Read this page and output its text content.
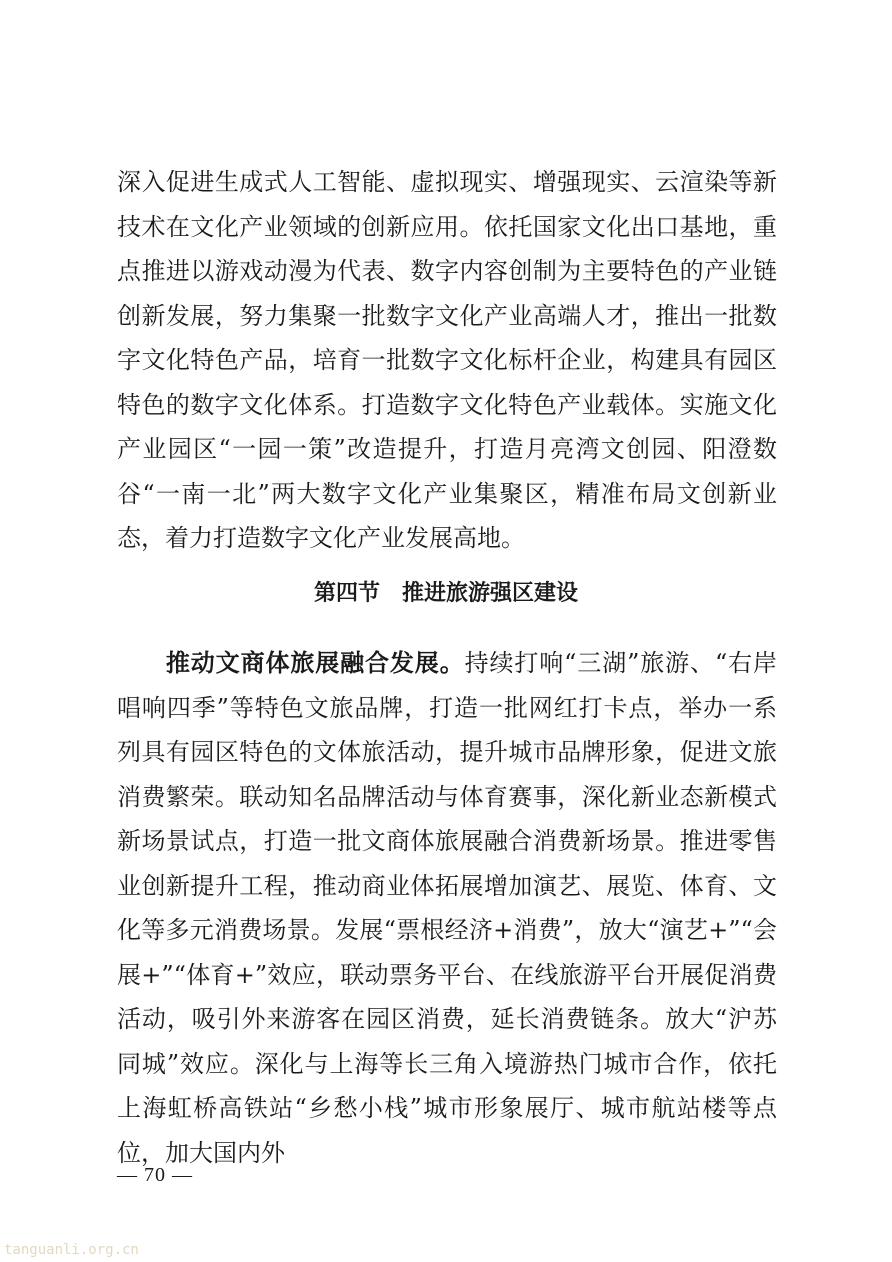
深入促进生成式人工智能、虚拟现实、增强现实、云渲染等新技术在文化产业领域的创新应用。依托国家文化出口基地，重点推进以游戏动漫为代表、数字内容创制为主要特色的产业链创新发展，努力集聚一批数字文化产业高端人才，推出一批数字文化特色产品，培育一批数字文化标杆企业，构建具有园区特色的数字文化体系。打造数字文化特色产业载体。实施文化产业园区“一园一策”改造提升，打造月亮湾文创园、阳澄数谷“一南一北”两大数字文化产业集聚区，精准布局文创新业态，着力打造数字文化产业发展高地。

第四节 推进旅游强区建设

推动文商体旅展融合发展。持续打响“三湖”旅游、“右岸唱响四季”等特色文旅品牌，打造一批网红打卡点，举办一系列具有园区特色的文体旅活动，提升城市品牌形象，促进文旅消费繁荣。联动知名品牌活动与体育赛事，深化新业态新模式新场景试点，打造一批文商体旅展融合消费新场景。推进零售业创新提升工程，推动商业体拓展增加演艺、展览、体育、文化等多元消费场景。发展“票根经济+消费”，放大“演艺+”“会展+”“体育+”效应，联动票务平台、在线旅游平台开展促消费活动，吸引外来游客在园区消费，延长消费链条。放大“沪苏同城”效应。深化与上海等长三角入境游热门城市合作，依托上海虹桥高铁站“乡愁小栈”城市形象展厅、城市航站楼等点位，加大国内外

— 70 —
tanguanli.org.cn
